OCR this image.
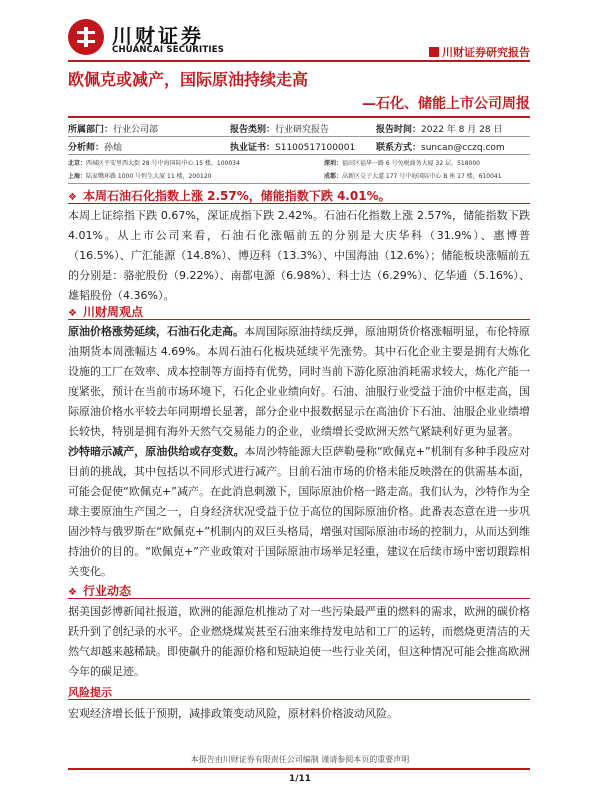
川财证券
CHUANCAI SECURITIES	川财证券研究报告
欧佩克或减产，国际原油持续走高
—石化、储能上市公司周报
所属部门：行业公司部	报告类别：行业研究报告	报告时间：2022 年 8 月 28 日
分析师：孙灿	执业证书：S1100517100001 联系方式：suncan@cczq.com
北京：西城区平安里西大街 28 号中海国际中心 15 楼，100034	深圳：福田区福华一路 6 号免税商务大厦 32 层，518000
上海：陆家嘴环路 1000 号恒生大厦 11 楼，200120	成都：高新区交子大道 177 号中海国际中心 B 座 17 楼，610041
❖ 本周石油石化指数上涨 2.57%，储能指数下跌 4.01%。
本周上证综指下跌 0.67%，深证成指下跌 2.42%。石油石化指数上涨 2.57%，储能指数下跌 4.01%。从上市公司来看，石油石化涨幅前五的分别是大庆华科（31.9%）、惠博普（16.5%）、广汇能源（14.8%）、博迈科（13.3%）、中国海油（12.6%）；储能板块涨幅前五的分别是：骆驼股份（9.22%）、南都电源（6.98%）、科士达（6.29%）、亿华通（5.16%）、雄韬股份（4.36%）。
❖ 川财周观点
原油价格涨势延续，石油石化走高。本周国际原油持续反弹，原油期货价格涨幅明显，布伦特原油期货本周涨幅达 4.69%。本周石油石化板块延续平先涨势。其中石化企业主要是拥有大炼化设施的工厂在效率、成本控制等方面持有优势，同时当前下游化原油消耗需求较大，炼化产能一度紧张，预计在当前市场环境下，石化企业业绩向好。石油、油服行业受益于油价中枢走高，国际原油价格水平较去年同期增长显著，部分企业中报数据显示在高油价下石油、油服企业业绩增长较快，特别是拥有海外天然气交易能力的企业，业绩增长受欧洲天然气紧缺利好更为显著。
沙特暗示减产，原油供给或存变数。本周沙特能源大臣萨勒曼称“欧佩克+”机制有多种手段应对目前的挑战，其中包括以不同形式进行减产。目前石油市场的价格未能反映潜在的供需基本面，可能会促使“欧佩克+”减产。在此消息刺激下，国际原油价格一路走高。我们认为，沙特作为全球主要原油生产国之一，自身经济状况受益于位于高位的国际原油价格。此番表态意在进一步巩固沙特与俄罗斯在“欧佩克+”机制内的双巨头格局，增强对国际原油市场的控制力，从而达到维持油价的目的。“欧佩克+”产业政策对于国际原油市场举足轻重，建议在后续市场中密切跟踪相关变化。
❖ 行业动态
据美国彭博新闻社报道，欧洲的能源危机推动了对一些污染最严重的燃料的需求，欧洲的碳价格跃升到了创纪录的水平。企业燃烧煤炭甚至石油来维持发电站和工厂的运转，而燃烧更清洁的天然气却越来越稀缺。即使飙升的能源价格和短缺迫使一些行业关闭，但这种情况可能会推高欧洲今年的碳足迹。
风险提示
宏观经济增长低于预期，减排政策变动风险，原材料价格波动风险。
本报告由川财证券有限责任公司编制 谨请参阅本页的重要声明
1/11
